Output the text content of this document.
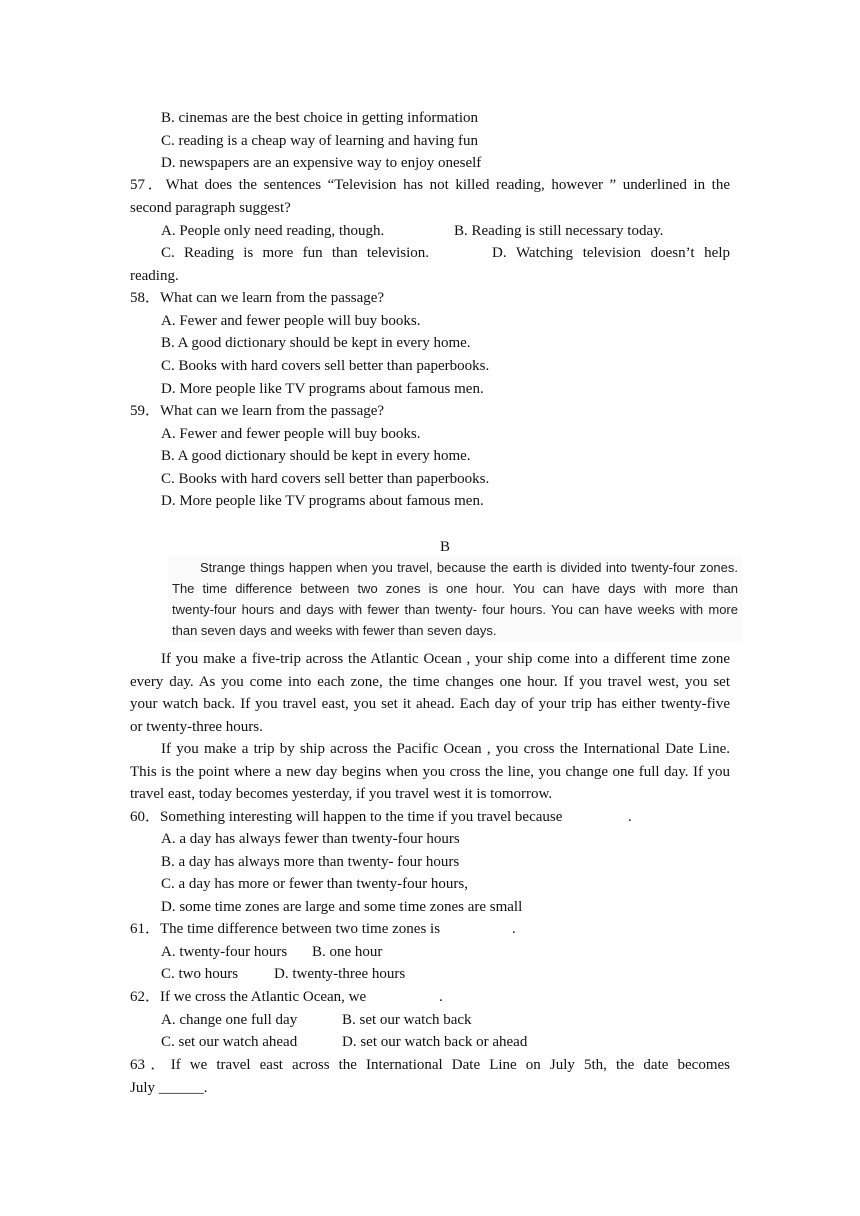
B. cinemas are the best choice in getting information
C. reading is a cheap way of learning and having fun
D. newspapers are an expensive way to enjoy oneself
57．What does the sentences “Television has not killed reading, however ” underlined in the
second paragraph suggest?
A. People only need reading, though.	B. Reading is still necessary today.
C. Reading is more fun than television.	D. Watching television doesn’t help
reading.
58．What can we learn from the passage?
A. Fewer and fewer people will buy books.
B. A good dictionary should be kept in every home.
C. Books with hard covers sell better than paperbooks.
D. More people like TV programs about famous men.
59．What can we learn from the passage?
A. Fewer and fewer people will buy books.
B. A good dictionary should be kept in every home.
C. Books with hard covers sell better than paperbooks.
D. More people like TV programs about famous men.
B
Strange things happen when you travel, because the earth is divided into twenty-four zones.
The time difference between two zones is one hour. You can have days with more than
twenty-four hours and days with fewer than twenty- four hours. You can have weeks with more
than seven days and weeks with fewer than seven days.
If you make a five-trip across the Atlantic Ocean , your ship come into a different time zone
every day. As you come into each zone, the time changes one hour. If you travel west, you set
your watch back. If you travel east, you set it ahead. Each day of your trip has either twenty-five
or twenty-three hours.
If you make a trip by ship across the Pacific Ocean , you cross the International Date Line.
This is the point where a new day begins when you cross the line, you change one full day. If you
travel east, today becomes yesterday, if you travel west it is tomorrow.
60．Something interesting will happen to the time if you travel because	.
A. a day has always fewer than twenty-four hours
B. a day has always more than twenty- four hours
C. a day has more or fewer than twenty-four hours,
D. some time zones are large and some time zones are small
61．The time difference between two time zones is	.
A. twenty-four hours B. one hour
C. two hours D. twenty-three hours
62．If we cross the Atlantic Ocean, we	.
A. change one full day	B. set our watch back
C. set our watch ahead	D. set our watch back or ahead
63．If we travel east across the International Date Line on July 5th, the date becomes
July ______.
